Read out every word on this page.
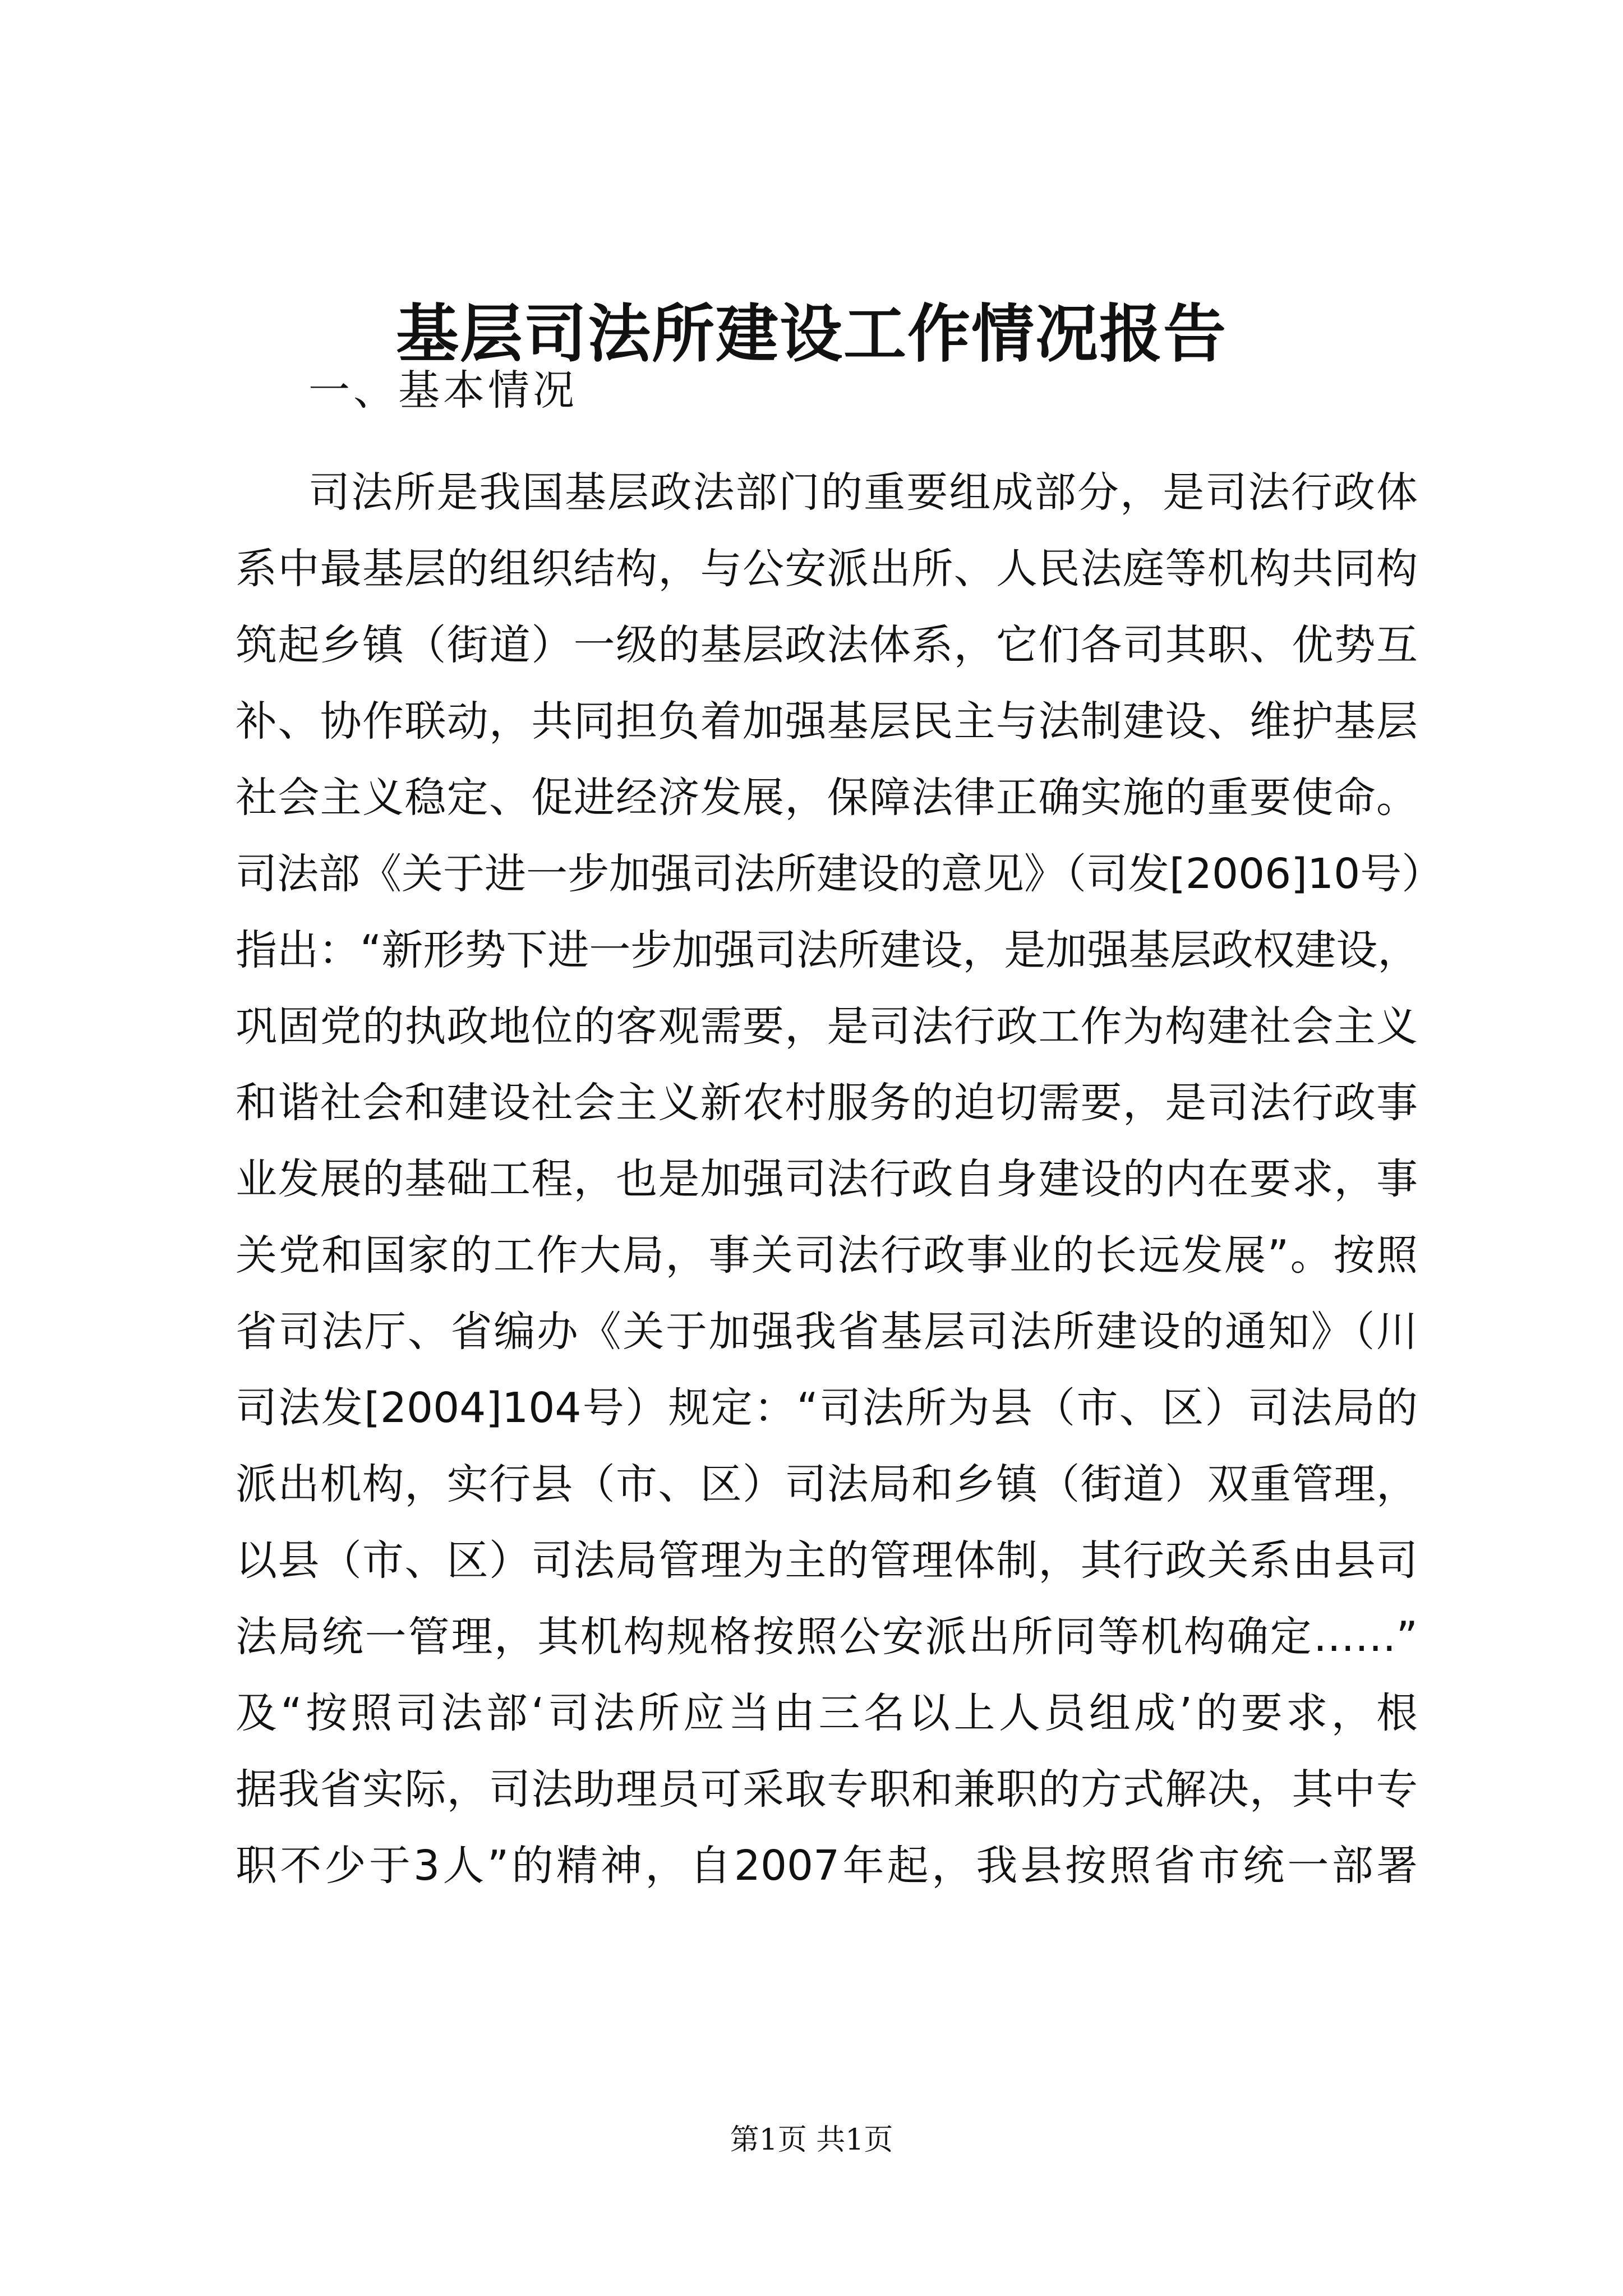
基层司法所建设工作情况报告

一、基本情况

司法所是我国基层政法部门的重要组成部分，是司法行政体
系中最基层的组织结构，与公安派出所、人民法庭等机构共同构
筑起乡镇（街道）一级的基层政法体系，它们各司其职、优势互
补、协作联动，共同担负着加强基层民主与法制建设、维护基层
社会主义稳定、促进经济发展，保障法律正确实施的重要使命。
司法部《关于进一步加强司法所建设的意见》（司发[2006]10号）
指出：“新形势下进一步加强司法所建设，是加强基层政权建设，
巩固党的执政地位的客观需要，是司法行政工作为构建社会主义
和谐社会和建设社会主义新农村服务的迫切需要，是司法行政事
业发展的基础工程，也是加强司法行政自身建设的内在要求，事
关党和国家的工作大局，事关司法行政事业的长远发展”。按照
省司法厅、省编办《关于加强我省基层司法所建设的通知》（川
司法发[2004]104号）规定：“司法所为县（市、区）司法局的
派出机构，实行县（市、区）司法局和乡镇（街道）双重管理，
以县（市、区）司法局管理为主的管理体制，其行政关系由县司
法局统一管理，其机构规格按照公安派出所同等机构确定……”
及“按照司法部‘司法所应当由三名以上人员组成’的要求，根
据我省实际，司法助理员可采取专职和兼职的方式解决，其中专
职不少于3人”的精神，自2007年起，我县按照省市统一部署
第1页 共1页
